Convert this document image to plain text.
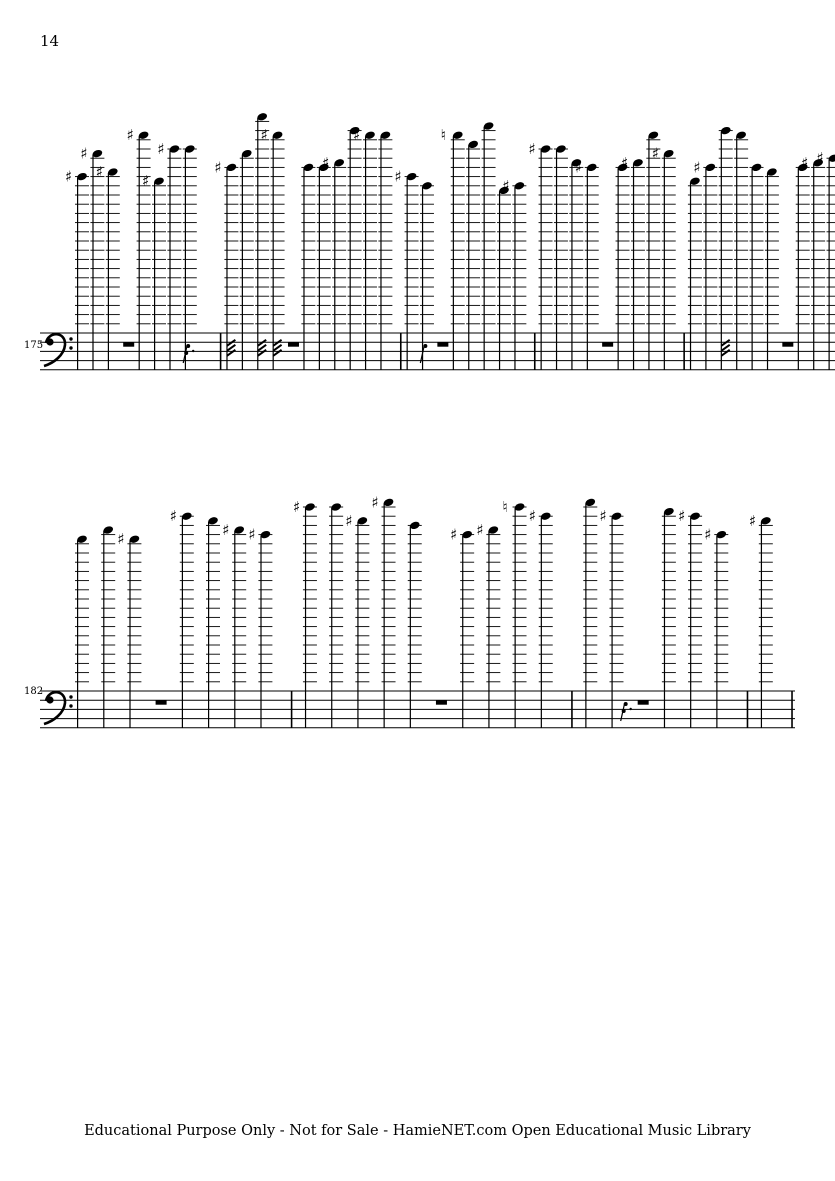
14
175
♯
♯
♯
♯
♯
♯
♯
♯
♯
♯
♯
♮
♯
♯
♯	♯
♯
♯	♯ ♯
182
♯
♯
♯ ♯
♯
♯
♯
♯ ♯
♮
♯	♯	♯
♯
♯
Educational Purpose Only - Not for Sale - HamieNET.com Open Educational Music Library
